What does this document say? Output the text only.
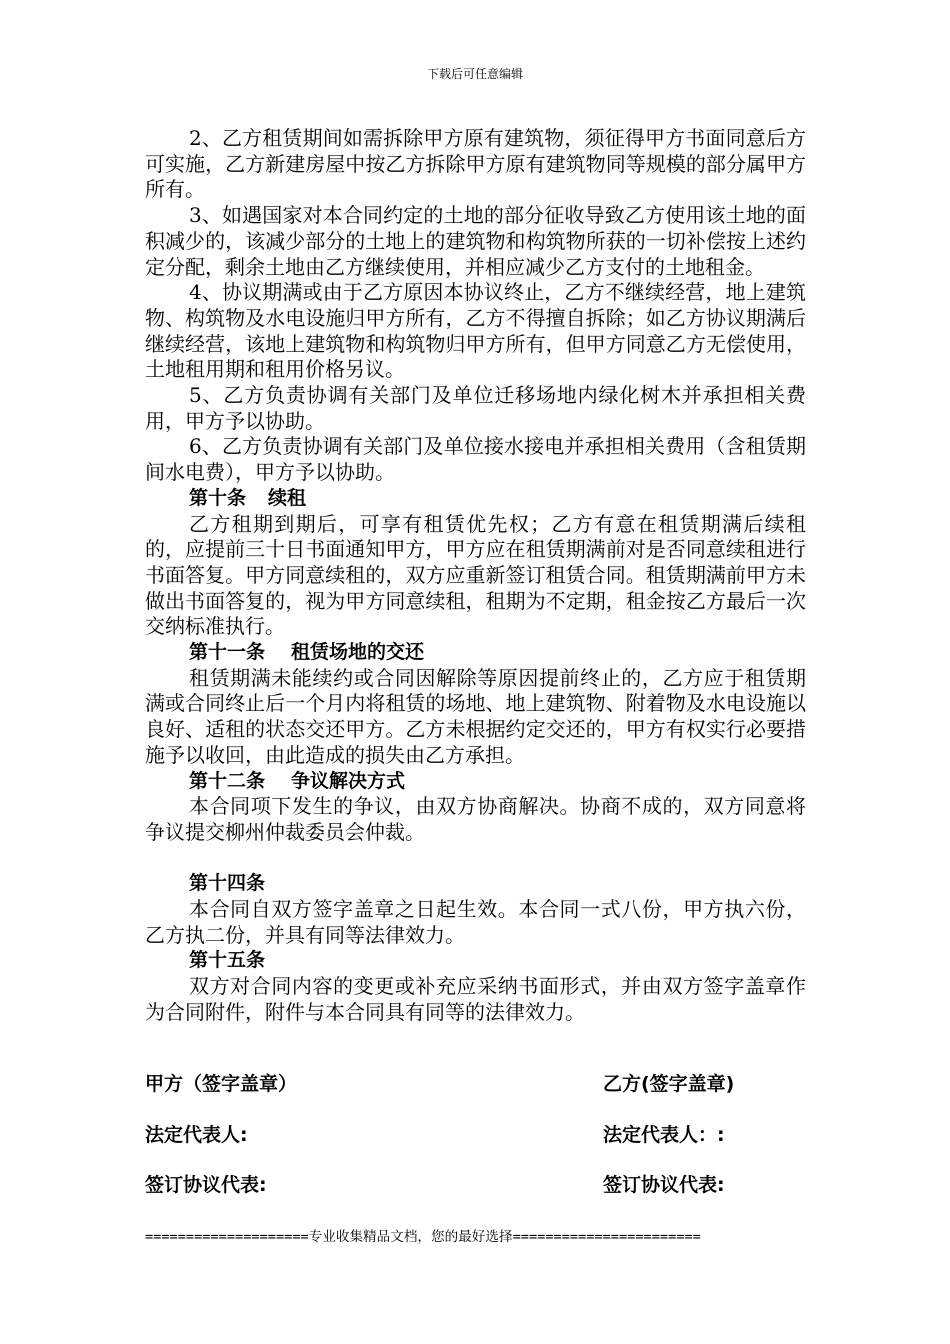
下载后可任意编辑

2、乙方租赁期间如需拆除甲方原有建筑物，须征得甲方书面同意后方可实施，乙方新建房屋中按乙方拆除甲方原有建筑物同等规模的部分属甲方所有。

3、如遇国家对本合同约定的土地的部分征收导致乙方使用该土地的面积减少的，该减少部分的土地上的建筑物和构筑物所获的一切补偿按上述约定分配，剩余土地由乙方继续使用，并相应减少乙方支付的土地租金。

4、协议期满或由于乙方原因本协议终止，乙方不继续经营，地上建筑物、构筑物及水电设施归甲方所有，乙方不得擅自拆除；如乙方协议期满后继续经营，该地上建筑物和构筑物归甲方所有，但甲方同意乙方无偿使用，土地租用期和租用价格另议。

5、乙方负责协调有关部门及单位迁移场地内绿化树木并承担相关费用，甲方予以协助。

6、乙方负责协调有关部门及单位接水接电并承担相关费用（含租赁期间水电费），甲方予以协助。

第十条 续租

乙方租期到期后，可享有租赁优先权；乙方有意在租赁期满后续租的，应提前三十日书面通知甲方，甲方应在租赁期满前对是否同意续租进行书面答复。甲方同意续租的，双方应重新签订租赁合同。租赁期满前甲方未做出书面答复的，视为甲方同意续租，租期为不定期，租金按乙方最后一次交纳标准执行。

第十一条 租赁场地的交还

租赁期满未能续约或合同因解除等原因提前终止的，乙方应于租赁期满或合同终止后一个月内将租赁的场地、地上建筑物、附着物及水电设施以良好、适租的状态交还甲方。乙方未根据约定交还的，甲方有权实行必要措施予以收回，由此造成的损失由乙方承担。

第十二条 争议解决方式

本合同项下发生的争议，由双方协商解决。协商不成的，双方同意将争议提交柳州仲裁委员会仲裁。

第十四条

本合同自双方签字盖章之日起生效。本合同一式八份，甲方执六份，乙方执二份，并具有同等法律效力。

第十五条

双方对合同内容的变更或补充应采纳书面形式，并由双方签字盖章作为合同附件，附件与本合同具有同等的法律效力。

甲方（签字盖章）	乙方(签字盖章)
法定代表人:	法定代表人：:
签订协议代表:	签订协议代表:
====================专业收集精品文档，您的最好选择=======================
